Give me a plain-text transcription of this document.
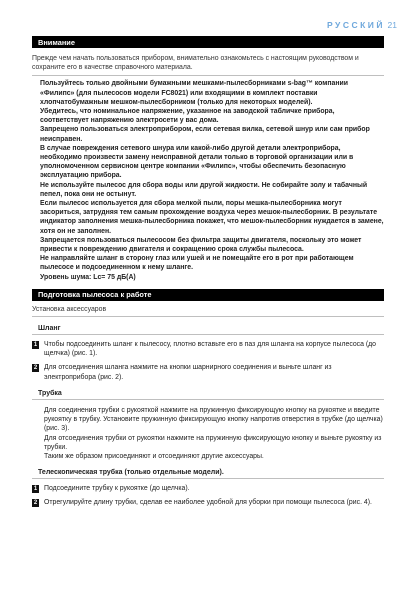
РУССКИЙ 21
Внимание
Прежде чем начать пользоваться прибором, внимательно ознакомьтесь с настоящим руководством и сохраните его в качестве справочного материала.

Пользуйтесь только двойными бумажными мешками-пылесборниками s-bag™ компании «Филипс» (для пылесосов модели FC8021) или входящими в комплект поставки хлопчатобумажным мешком-пылесборником (только для некоторых моделей).

Убедитесь, что номинальное напряжение, указанное на заводской табличке прибора, соответствует напряжению электросети у вас дома.

Запрещено пользоваться электроприбором, если сетевая вилка, сетевой шнур или сам прибор неисправен.

В случае повреждения сетевого шнура или какой-либо другой детали электроприбора, необходимо произвести замену неисправной детали только в торговой организации или в уполномоченном сервисном центре компании «Филипс», чтобы обеспечить безопасную эксплуатацию прибора.

Не используйте пылесос для сбора воды или другой жидкости. Не собирайте золу и табачный пепел, пока они не остынут.

Если пылесос используется для сбора мелкой пыли, поры мешка-пылесборника могут засориться, затрудняя тем самым прохождение воздуха через мешок-пылесборник. В результате индикатор заполнения мешка-пылесборника покажет, что мешок-пылесборник нуждается в замене, хотя он не заполнен.

Запрещается пользоваться пылесосом без фильтра защиты двигателя, поскольку это может привести к повреждению двигателя и сокращению срока службы пылесоса.

Не направляйте шланг в сторону глаз или ушей и не помещайте его в рот при работающем пылесосе и подсоединенном к нему шланге.

Уровень шума: Lc= 75 дБ(A)

Подготовка пылесоса к работе
Установка аксессуаров
Шланг
1 Чтобы подсоединить шланг к пылесосу, плотно вставьте его в паз для шланга на корпусе пылесоса (до щелчка) (рис. 1).
2 Для отсоединения шланга нажмите на кнопки шарнирного соединения и выньте шланг из электроприбора (рис. 2).
Трубка

Для соединения трубки с рукояткой нажмите на пружинную фиксирующую кнопку на рукоятке и введите рукоятку в трубку. Установите пружинную фиксирующую кнопку напротив отверстия в трубке (до щелчка) (рис. 3).

Для отсоединения трубки от рукоятки нажмите на пружинную фиксирующую кнопку и выньте рукоятку из трубки.

Таким же образом присоединяют и отсоединяют другие аксессуары.

Телескопическая трубка (только отдельные модели).
1 Подсоедините трубку к рукоятке (до щелчка).
2 Отрегулируйте длину трубки, сделав ее наиболее удобной для уборки при помощи пылесоса (рис. 4).
